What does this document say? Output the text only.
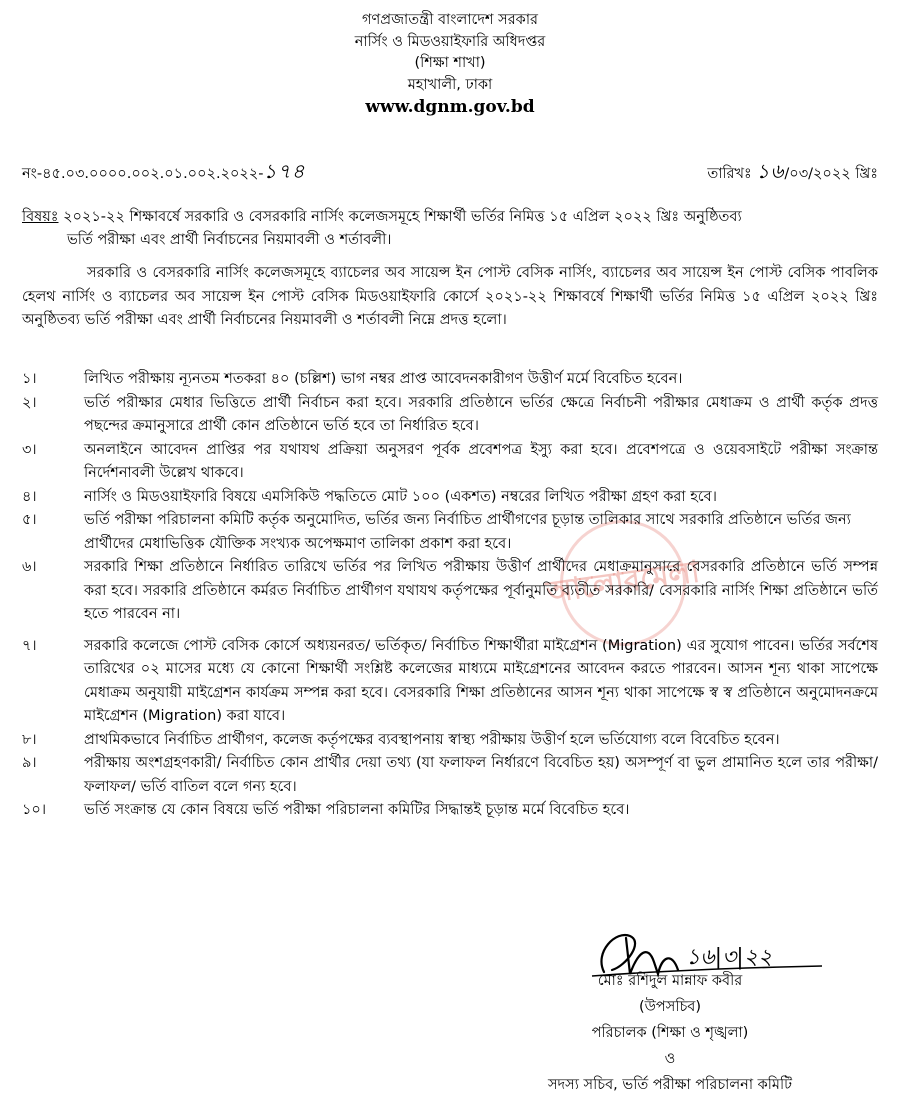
গণপ্রজাতন্ত্রী বাংলাদেশ সরকার
নার্সিং ও মিডওয়াইফারি অধিদপ্তর
(শিক্ষা শাখা)
মহাখালী, ঢাকা
www.dgnm.gov.bd
নং-৪৫.০৩.০০০০.০০২.০১.০০২.২০২২-১৭৪	তারিখঃ ১৬/০৩/২০২২ খ্রিঃ
বিষয়ঃ ২০২১-২২ শিক্ষাবর্ষে সরকারি ও বেসরকারি নার্সিং কলেজসমূহে শিক্ষার্থী ভর্তির নিমিত্ত ১৫ এপ্রিল ২০২২ খ্রিঃ অনুষ্ঠিতব্য
ভর্তি পরীক্ষা এবং প্রার্থী নির্বাচনের নিয়মাবলী ও শর্তাবলী।
সরকারি ও বেসরকারি নার্সিং কলেজসমূহে ব্যাচেলর অব সায়েন্স ইন পোস্ট বেসিক নার্সিং, ব্যাচেলর অব সায়েন্স ইন পোস্ট বেসিক পাবলিক হেলথ নার্সিং ও ব্যাচেলর অব সায়েন্স ইন পোস্ট বেসিক মিডওয়াইফারি কোর্সে ২০২১-২২ শিক্ষাবর্ষে শিক্ষার্থী ভর্তির নিমিত্ত ১৫ এপ্রিল ২০২২ খ্রিঃ অনুষ্ঠিতব্য ভর্তি পরীক্ষা এবং প্রার্থী নির্বাচনের নিয়মাবলী ও শর্তাবলী নিম্নে প্রদত্ত হলো।
আলোরমেলা
১।	লিখিত পরীক্ষায় ন্যূনতম শতকরা ৪০ (চল্লিশ) ভাগ নম্বর প্রাপ্ত আবেদনকারীগণ উত্তীর্ণ মর্মে বিবেচিত হবেন।
২।	ভর্তি পরীক্ষার মেধার ভিত্তিতে প্রার্থী নির্বাচন করা হবে। সরকারি প্রতিষ্ঠানে ভর্তির ক্ষেত্রে নির্বাচনী পরীক্ষার মেধাক্রম ও প্রার্থী কর্তৃক প্রদত্ত পছন্দের ক্রমানুসারে প্রার্থী কোন প্রতিষ্ঠানে ভর্তি হবে তা নির্ধারিত হবে।
৩।	অনলাইনে আবেদন প্রাপ্তির পর যথাযথ প্রক্রিয়া অনুসরণ পূর্বক প্রবেশপত্র ইস্যু করা হবে। প্রবেশপত্রে ও ওয়েবসাইটে পরীক্ষা সংক্রান্ত নির্দেশনাবলী উল্লেখ থাকবে।
৪।	নার্সিং ও মিডওয়াইফারি বিষয়ে এমসিকিউ পদ্ধতিতে মোট ১০০ (একশত) নম্বরের লিখিত পরীক্ষা গ্রহণ করা হবে।
৫।	ভর্তি পরীক্ষা পরিচালনা কমিটি কর্তৃক অনুমোদিত, ভর্তির জন্য নির্বাচিত প্রার্থীগণের চূড়ান্ত তালিকার সাথে সরকারি প্রতিষ্ঠানে ভর্তির জন্য
প্রার্থীদের মেধাভিত্তিক যৌক্তিক সংখ্যক অপেক্ষমাণ তালিকা প্রকাশ করা হবে।
৬।	সরকারি শিক্ষা প্রতিষ্ঠানে নির্ধারিত তারিখে ভর্তির পর লিখিত পরীক্ষায় উত্তীর্ণ প্রার্থীদের মেধাক্রমানুসারে বেসরকারি প্রতিষ্ঠানে ভর্তি সম্পন্ন করা হবে। সরকারি প্রতিষ্ঠানে কর্মরত নির্বাচিত প্রার্থীগণ যথাযথ কর্তৃপক্ষের পূর্বানুমতি ব্যতীত সরকারি/ বেসরকারি নার্সিং শিক্ষা প্রতিষ্ঠানে ভর্তি হতে পারবেন না।
৭।	সরকারি কলেজে পোস্ট বেসিক কোর্সে অধ্যয়নরত/ ভর্তিকৃত/ নির্বাচিত শিক্ষার্থীরা মাইগ্রেশন (Migration) এর সুযোগ পাবেন। ভর্তির সর্বশেষ তারিখের ০২ মাসের মধ্যে যে কোনো শিক্ষার্থী সংশ্লিষ্ট কলেজের মাধ্যমে মাইগ্রেশনের আবেদন করতে পারবেন। আসন শূন্য থাকা সাপেক্ষে মেধাক্রম অনুযায়ী মাইগ্রেশন কার্যক্রম সম্পন্ন করা হবে। বেসরকারি শিক্ষা প্রতিষ্ঠানের আসন শূন্য থাকা সাপেক্ষে স্ব স্ব প্রতিষ্ঠানে অনুমোদনক্রমে মাইগ্রেশন (Migration) করা যাবে।
৮।	প্রাথমিকভাবে নির্বাচিত প্রার্থীগণ, কলেজ কর্তৃপক্ষের ব্যবস্থাপনায় স্বাস্থ্য পরীক্ষায় উত্তীর্ণ হলে ভর্তিযোগ্য বলে বিবেচিত হবেন।
৯।	পরীক্ষায় অংশগ্রহণকারী/ নির্বাচিত কোন প্রার্থীর দেয়া তথ্য (যা ফলাফল নির্ধারণে বিবেচিত হয়) অসম্পূর্ণ বা ভুল প্রামানিত হলে তার পরীক্ষা/ ফলাফল/ ভর্তি বাতিল বলে গন্য হবে।
১০।	ভর্তি সংক্রান্ত যে কোন বিষয়ে ভর্তি পরীক্ষা পরিচালনা কমিটির সিদ্ধান্তই চূড়ান্ত মর্মে বিবেচিত হবে।
১৬|৩|২২
মোঃ রশিদুল মান্নাফ কবীর
(উপসচিব)
পরিচালক (শিক্ষা ও শৃঙ্খলা)
ও
সদস্য সচিব, ভর্তি পরীক্ষা পরিচালনা কমিটি
